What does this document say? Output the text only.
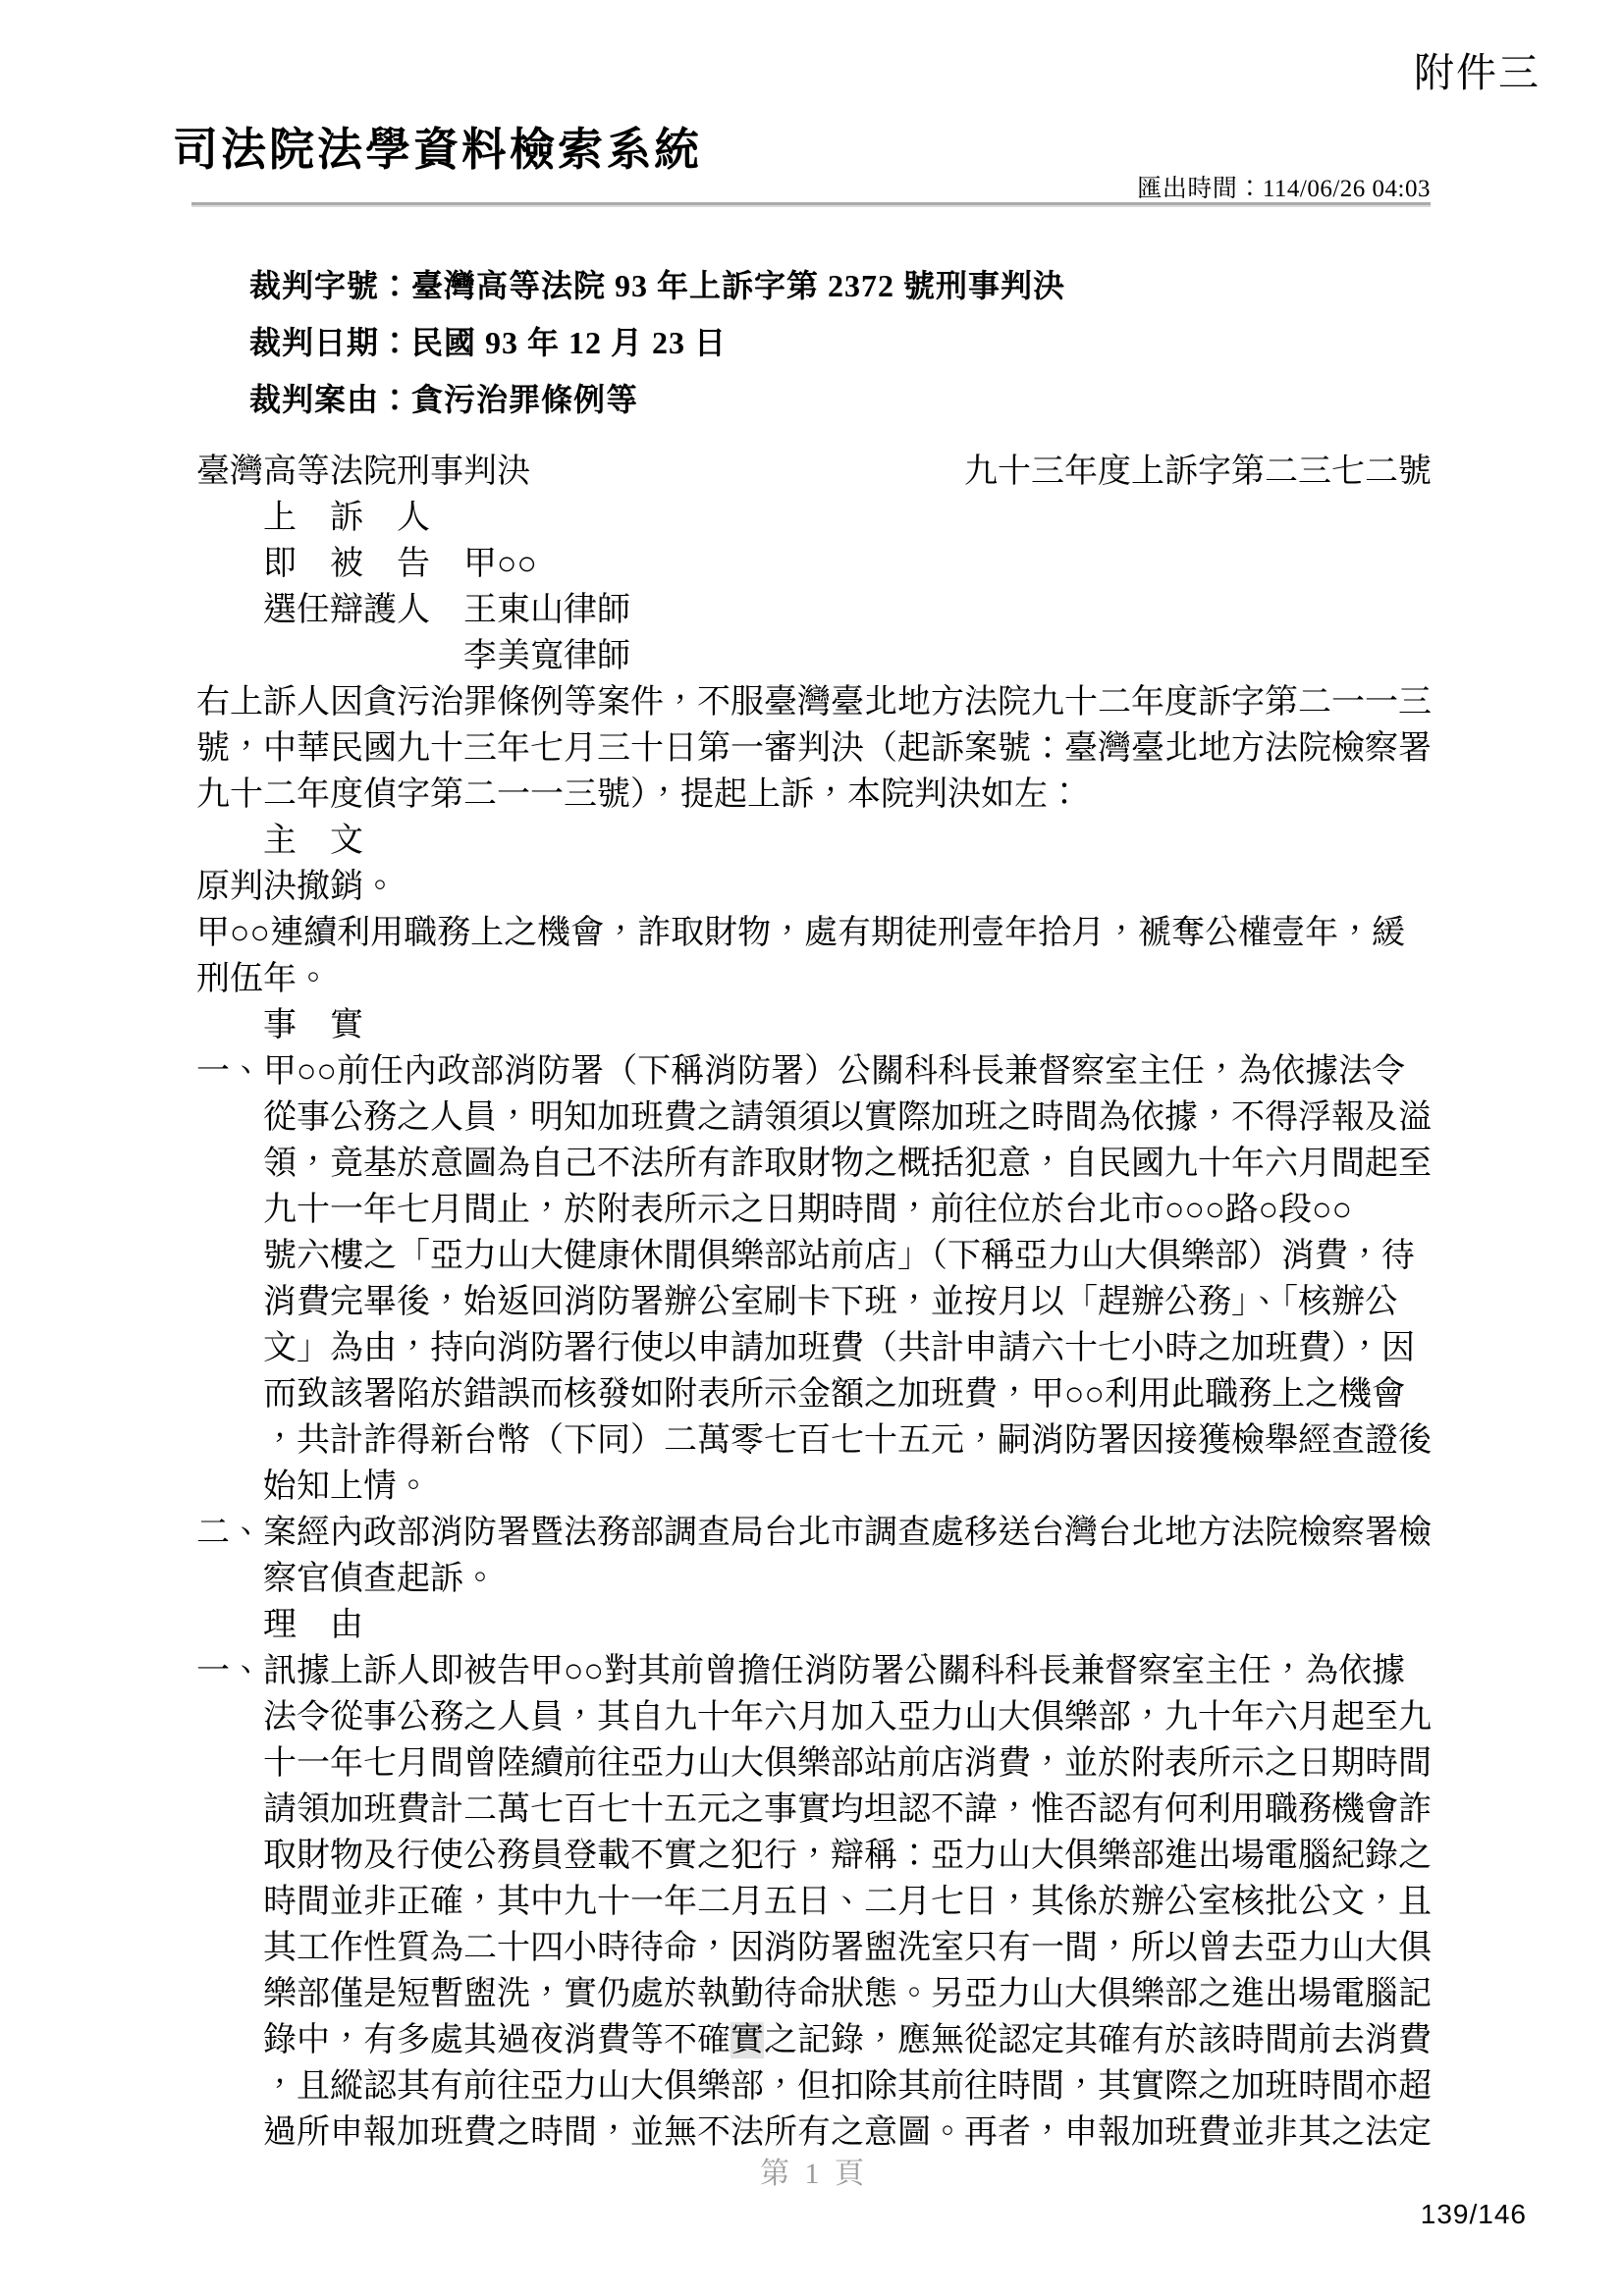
附件三
司法院法學資料檢索系統
匯出時間：114/06/26 04:03

裁判字號：臺灣高等法院 93 年上訴字第 2372 號刑事判決

裁判日期：民國 93 年 12 月 23 日

裁判案由：貪污治罪條例等

臺灣高等法院刑事判決	九十三年度上訴字第二三七二號
　　上　訴　人
　　即　被　告　甲○○
　　選任辯護人　王東山律師
　　　　　　　　李美寬律師
右上訴人因貪污治罪條例等案件，不服臺灣臺北地方法院九十二年度訴字第二一一三
號，中華民國九十三年七月三十日第一審判決（起訴案號：臺灣臺北地方法院檢察署
九十二年度偵字第二一一三號），提起上訴，本院判決如左：
　　主　文
原判決撤銷。
甲○○連續利用職務上之機會，詐取財物，處有期徒刑壹年拾月，褫奪公權壹年，緩
刑伍年。
　　事　實
一、甲○○前任內政部消防署（下稱消防署）公關科科長兼督察室主任，為依據法令
　　從事公務之人員，明知加班費之請領須以實際加班之時間為依據，不得浮報及溢
　　領，竟基於意圖為自己不法所有詐取財物之概括犯意，自民國九十年六月間起至
　　九十一年七月間止，於附表所示之日期時間，前往位於台北市○○○路○段○○
　　號六樓之「亞力山大健康休閒俱樂部站前店」（下稱亞力山大俱樂部）消費，待
　　消費完畢後，始返回消防署辦公室刷卡下班，並按月以「趕辦公務」、「核辦公
　　文」為由，持向消防署行使以申請加班費（共計申請六十七小時之加班費），因
　　而致該署陷於錯誤而核發如附表所示金額之加班費，甲○○利用此職務上之機會
　　，共計詐得新台幣（下同）二萬零七百七十五元，嗣消防署因接獲檢舉經查證後
　　始知上情。
二、案經內政部消防署暨法務部調查局台北市調查處移送台灣台北地方法院檢察署檢
　　察官偵查起訴。
　　理　由
一、訊據上訴人即被告甲○○對其前曾擔任消防署公關科科長兼督察室主任，為依據
　　法令從事公務之人員，其自九十年六月加入亞力山大俱樂部，九十年六月起至九
　　十一年七月間曾陸續前往亞力山大俱樂部站前店消費，並於附表所示之日期時間
　　請領加班費計二萬七百七十五元之事實均坦認不諱，惟否認有何利用職務機會詐
　　取財物及行使公務員登載不實之犯行，辯稱：亞力山大俱樂部進出場電腦紀錄之
　　時間並非正確，其中九十一年二月五日、二月七日，其係於辦公室核批公文，且
　　其工作性質為二十四小時待命，因消防署盥洗室只有一間，所以曾去亞力山大俱
　　樂部僅是短暫盥洗，實仍處於執勤待命狀態。另亞力山大俱樂部之進出場電腦記
　　錄中，有多處其過夜消費等不確實之記錄，應無從認定其確有於該時間前去消費
　　，且縱認其有前往亞力山大俱樂部，但扣除其前往時間，其實際之加班時間亦超
　　過所申報加班費之時間，並無不法所有之意圖。再者，申報加班費並非其之法定
第 1 頁
139/146
